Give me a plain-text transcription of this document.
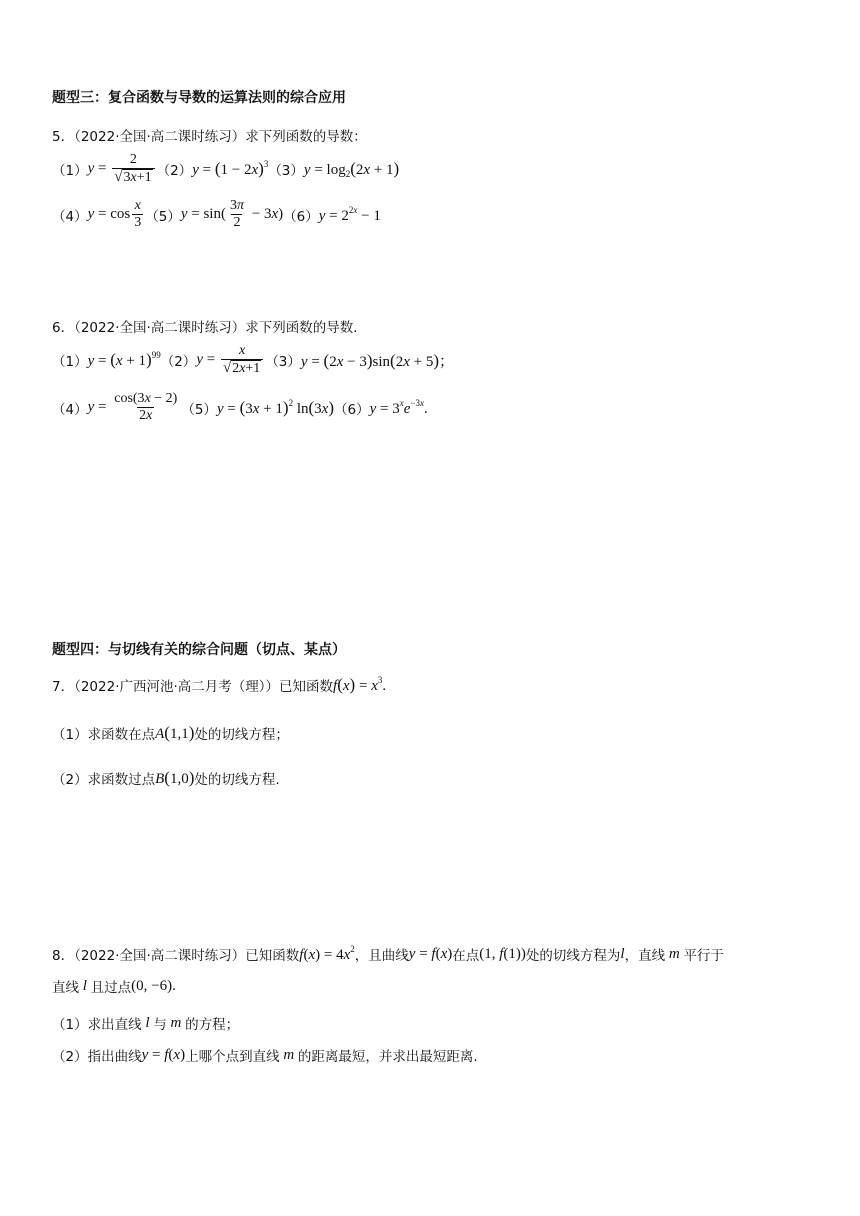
题型三：复合函数与导数的运算法则的综合应用
5．（2022·全国·高二课时练习）求下列函数的导数：
（1） $y = \frac{2}{√ 3x+1} (2) y = (1 - 2x)^3$ （3） $y = \log_2(2x + 1)$
（4） $y = \cos \frac{x}{3} (5) y = \sin( \frac{3\pi}{2} - 3x)$ （6） $y = 2^{2x} - 1$
6．（2022·全国·高二课时练习）求下列函数的导数.
（1） $y = (x + 1)^{99}$ （2） $y = \frac{x}{√ 2x+1} (3) y = (2x - 3)\sin(2x + 5)$；
（4） $y = \frac{\cos(3x - 2)}{2x} (5) y = (3x + 1)^2$ ln(3x) （6） $y = 3^xe^{-3x}$.
题型四：与切线有关的综合问题（切点、某点）
7．（2022·广西河池·高二月考（理））已知函数 $f(x) = x^3$.
（1）求函数在点 A(1,1) 处的切线方程；
（2）求函数过点 B(1,0) 处的切线方程.
8．（2022·全国·高二课时练习）已知函数 $f(x) = 4x^2$ ，且曲线 y = f(x) 在点 (1, f(1)) 处的切线方程为 l ，直线 m 平行于
直线 l 且过点 (0, −6).
（1）求出直线 l 与 m 的方程；
（2）指出曲线 y = f(x) 上哪个点到直线 m 的距离最短，并求出最短距离.
